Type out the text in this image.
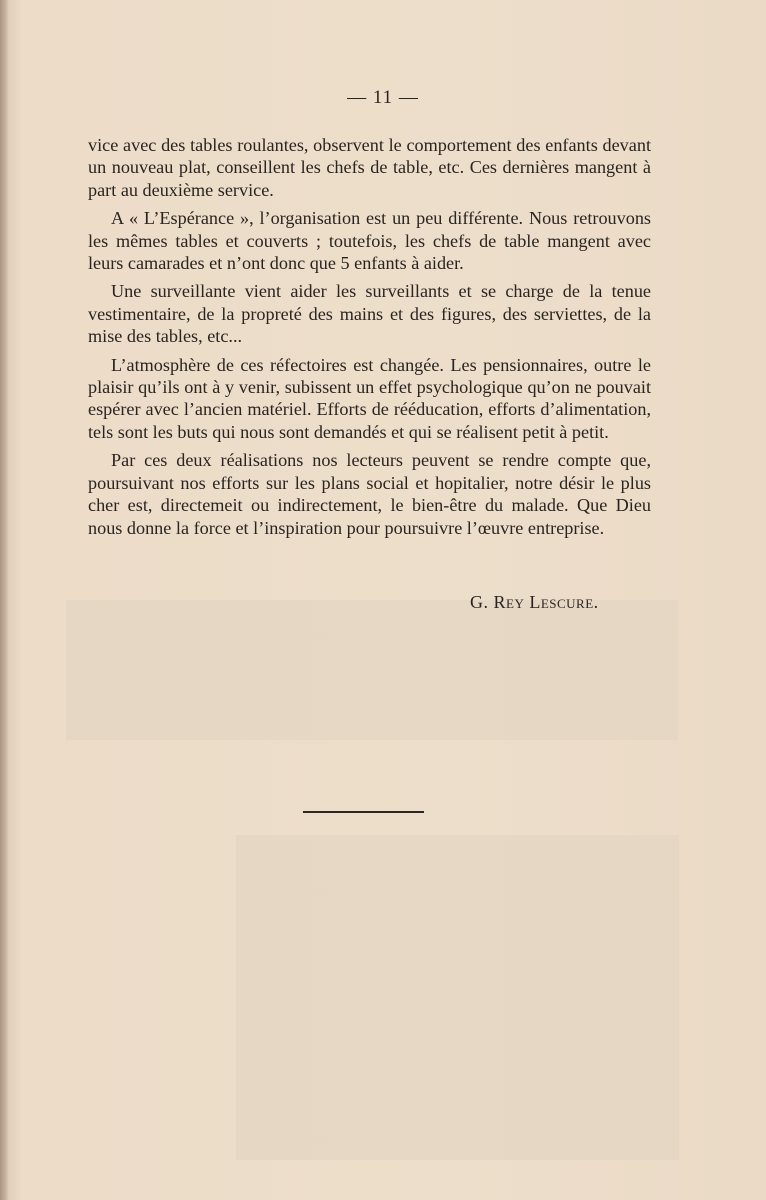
— 11 —

vice avec des tables roulantes, observent le comportement des enfants devant un nouveau plat, conseillent les chefs de table, etc. Ces dernières mangent à part au deuxième service.

A « L’Espérance », l’organisation est un peu différente. Nous retrouvons les mêmes tables et couverts ; toutefois, les chefs de table mangent avec leurs camarades et n’ont donc que 5 enfants à aider.

Une surveillante vient aider les surveillants et se charge de la tenue vestimentaire, de la propreté des mains et des figures, des serviettes, de la mise des tables, etc...

L’atmosphère de ces réfectoires est changée. Les pensionnaires, outre le plaisir qu’ils ont à y venir, subissent un effet psychologique qu’on ne pouvait espérer avec l’ancien matériel. Efforts de rééducation, efforts d’alimentation, tels sont les buts qui nous sont demandés et qui se réalisent petit à petit.

Par ces deux réalisations nos lecteurs peuvent se rendre compte que, poursuivant nos efforts sur les plans social et hopitalier, notre désir le plus cher est, directemeit ou indirectement, le bien-être du malade. Que Dieu nous donne la force et l’inspiration pour poursuivre l’œuvre entreprise.

G. Rey Lescure.
